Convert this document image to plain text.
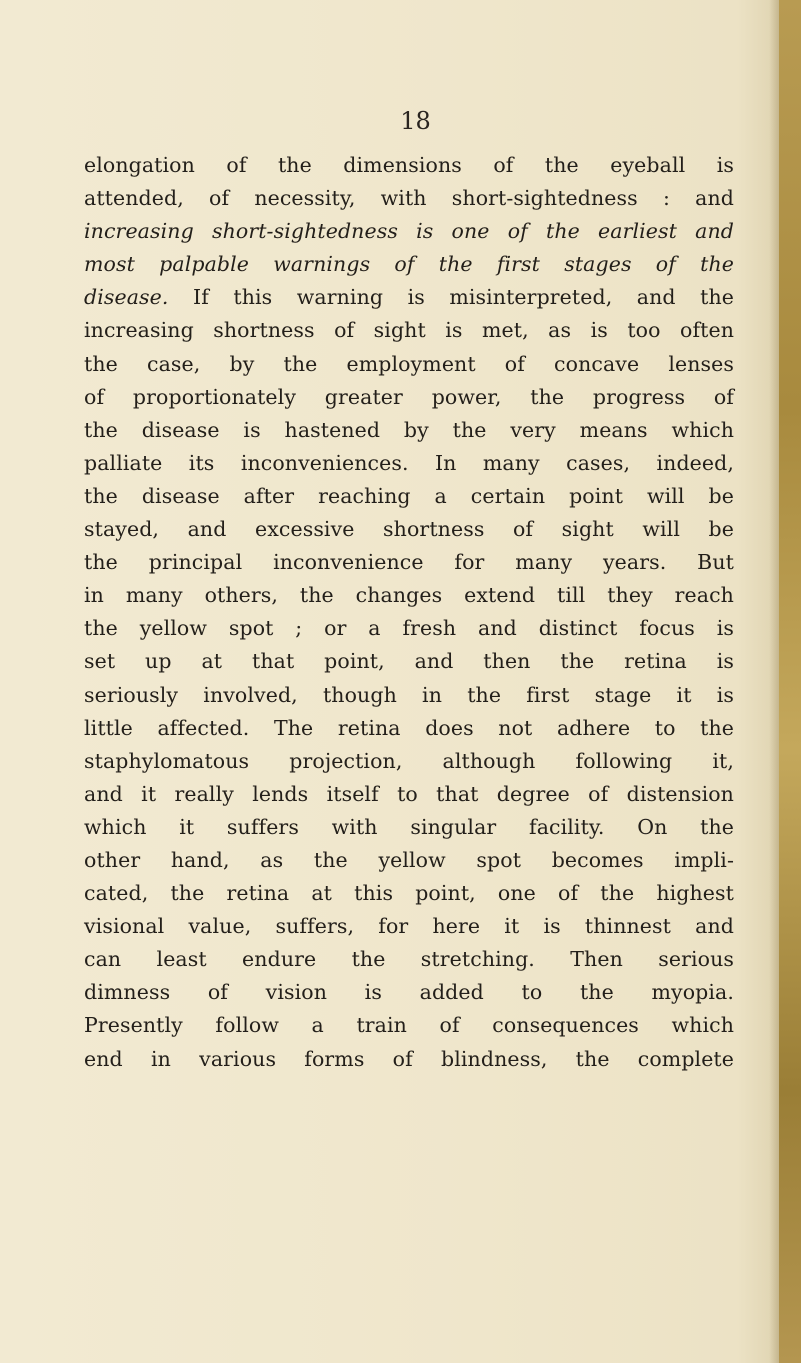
18
elongation of the dimensions of the eyeball is
attended, of necessity, with short-sightedness : and
increasing short-sightedness is one of the earliest and
most palpable warnings of the first stages of the
disease. If this warning is misinterpreted, and the
increasing shortness of sight is met, as is too often
the case, by the employment of concave lenses
of proportionately greater power, the progress of
the disease is hastened by the very means which
palliate its inconveniences. In many cases, indeed,
the disease after reaching a certain point will be
stayed, and excessive shortness of sight will be
the principal inconvenience for many years. But
in many others, the changes extend till they reach
the yellow spot ; or a fresh and distinct focus is
set up at that point, and then the retina is
seriously involved, though in the first stage it is
little affected. The retina does not adhere to the
staphylomatous projection, although following it,
and it really lends itself to that degree of distension
which it suffers with singular facility. On the
other hand, as the yellow spot becomes impli-
cated, the retina at this point, one of the highest
visional value, suffers, for here it is thinnest and
can least endure the stretching. Then serious
dimness of vision is added to the myopia.
Presently follow a train of consequences which
end in various forms of blindness, the complete
